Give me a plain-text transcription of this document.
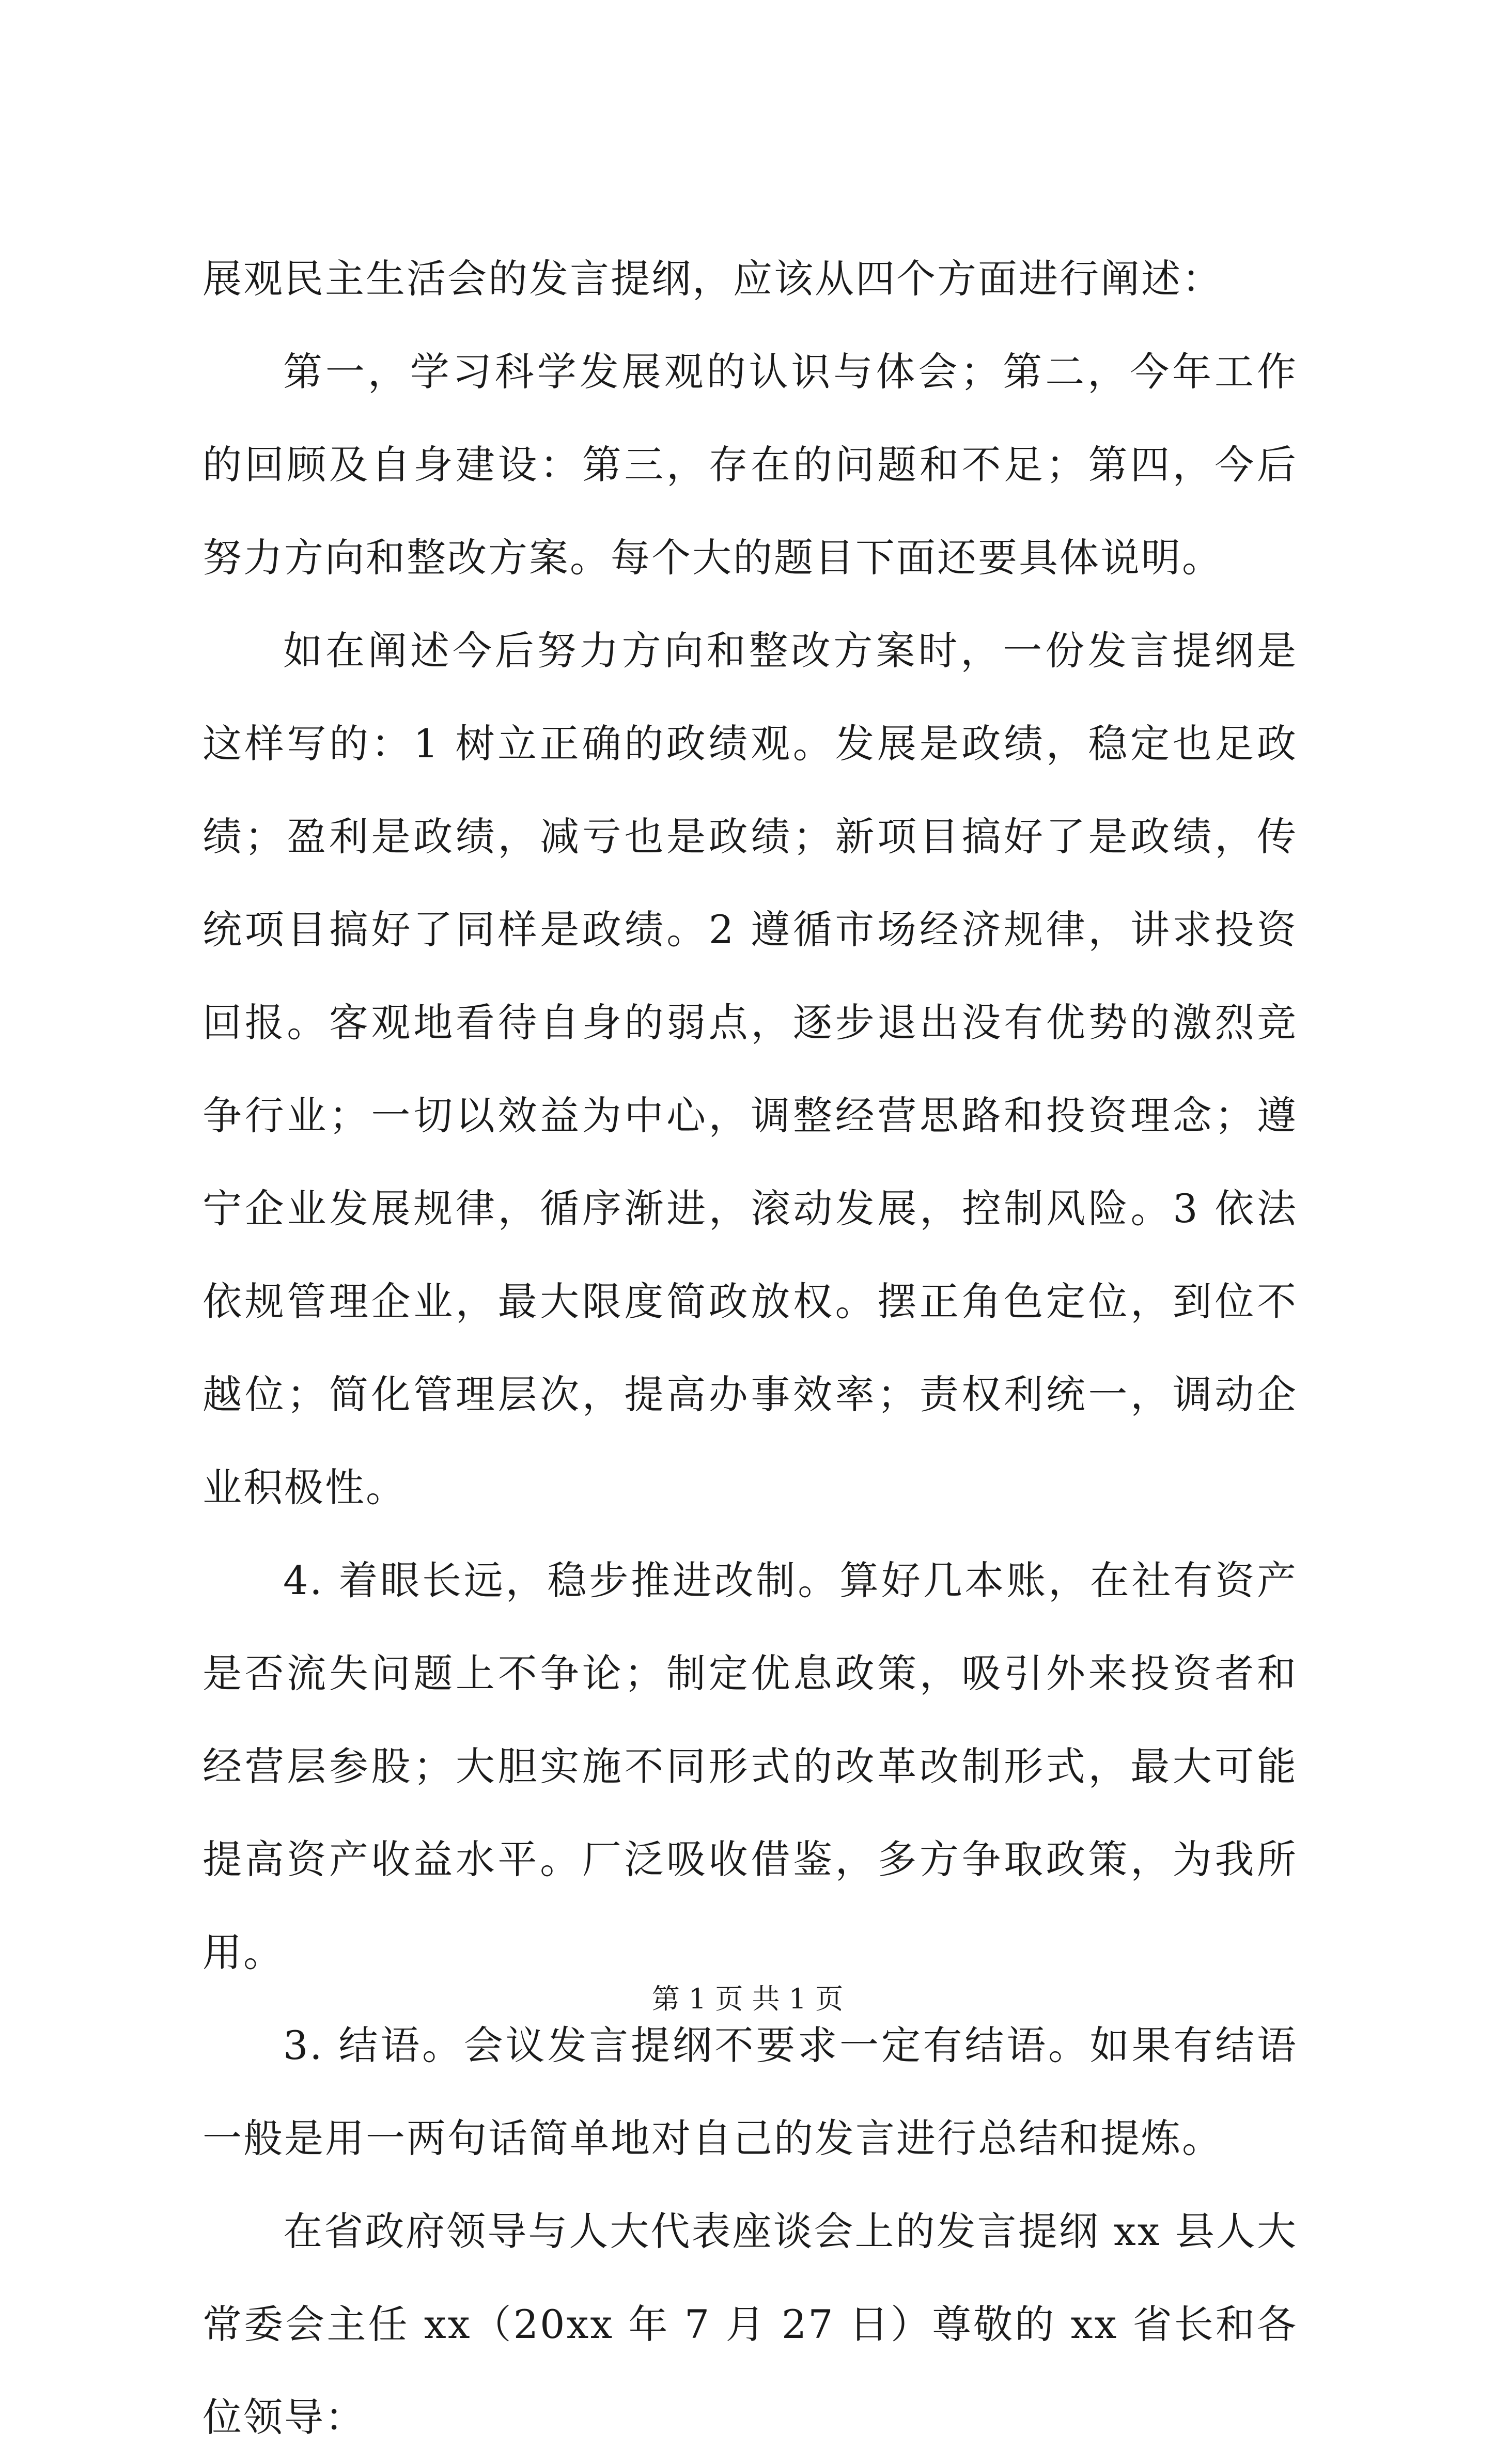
展观民主生活会的发言提纲，应该从四个方面进行阐述：

第一，学习科学发展观的认识与体会；第二，今年工作的回顾及自身建设：第三，存在的问题和不足；第四，今后努力方向和整改方案。每个大的题目下面还要具体说明。

如在阐述今后努力方向和整改方案时，一份发言提纲是这样写的：1 树立正确的政绩观。发展是政绩，稳定也足政绩；盈利是政绩，减亏也是政绩；新项目搞好了是政绩，传统项目搞好了同样是政绩。2 遵循市场经济规律，讲求投资回报。客观地看待自身的弱点，逐步退出没有优势的激烈竞争行业；一切以效益为中心，调整经营思路和投资理念；遵宁企业发展规律，循序渐进，滚动发展，控制风险。3 依法依规管理企业，最大限度简政放权。摆正角色定位，到位不越位；简化管理层次，提高办事效率；责权利统一，调动企业积极性。

4. 着眼长远，稳步推进改制。算好几本账，在社有资产是否流失问题上不争论；制定优息政策，吸引外来投资者和经营层参股；大胆实施不同形式的改革改制形式，最大可能提高资产收益水平。厂泛吸收借鉴，多方争取政策，为我所用。

3. 结语。会议发言提纲不要求一定有结语。如果有结语一般是用一两句话简单地对自己的发言进行总结和提炼。

在省政府领导与人大代表座谈会上的发言提纲 xx 县人大常委会主任 xx（20xx 年 7 月 27 日）尊敬的 xx 省长和各位领导：

第 1 页 共 1 页
